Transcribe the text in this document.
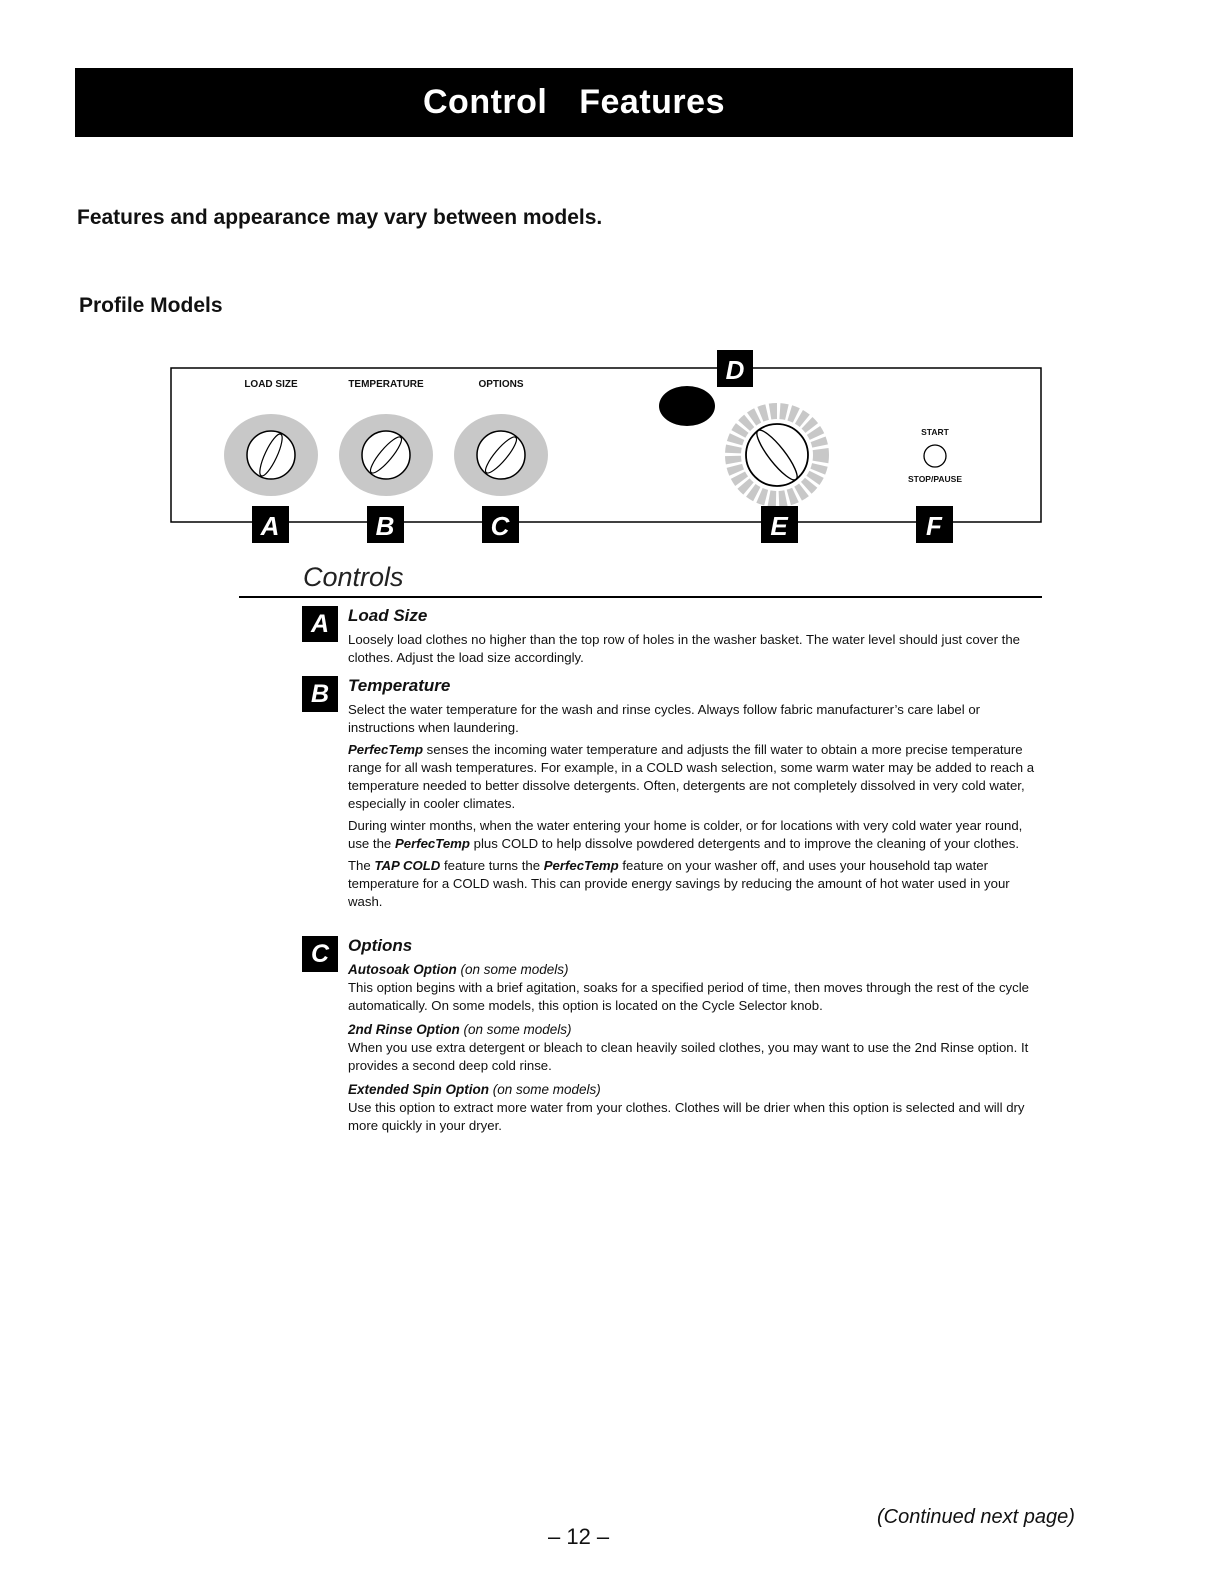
Control  Features

Features and appearance may vary between models.

Profile Models

LOAD SIZE	TEMPERATURE	OPTIONS
START
STOP/PAUSE
A	B	C
D
E	F
Controls
A	Load Size

Loosely load clothes no higher than the top row of holes in the washer basket. The water level should just cover the clothes. Adjust the load size accordingly.

B	Temperature

Select the water temperature for the wash and rinse cycles. Always follow fabric manufacturer’s care label or instructions when laundering.

PerfecTemp senses the incoming water temperature and adjusts the fill water to obtain a more precise temperature range for all wash temperatures. For example, in a COLD wash selection, some warm water may be added to reach a temperature needed to better dissolve detergents. Often, detergents are not completely dissolved in very cold water, especially in cooler climates.

During winter months, when the water entering your home is colder, or for locations with very cold water year round, use the PerfecTemp plus COLD to help dissolve powdered detergents and to improve the cleaning of your clothes.

The TAP COLD feature turns the PerfecTemp feature on your washer off, and uses your household tap water temperature for a COLD wash. This can provide energy savings by reducing the amount of hot water used in your wash.

C	Options

Autosoak Option (on some models)

This option begins with a brief agitation, soaks for a specified period of time, then moves through the rest of the cycle automatically. On some models, this option is located on the Cycle Selector knob.

2nd Rinse Option (on some models)

When you use extra detergent or bleach to clean heavily soiled clothes, you may want to use the 2nd Rinse option. It provides a second deep cold rinse.

Extended Spin Option (on some models)

Use this option to extract more water from your clothes. Clothes will be drier when this option is selected and will dry more quickly in your dryer.

(Continued next page)

– 12 –
